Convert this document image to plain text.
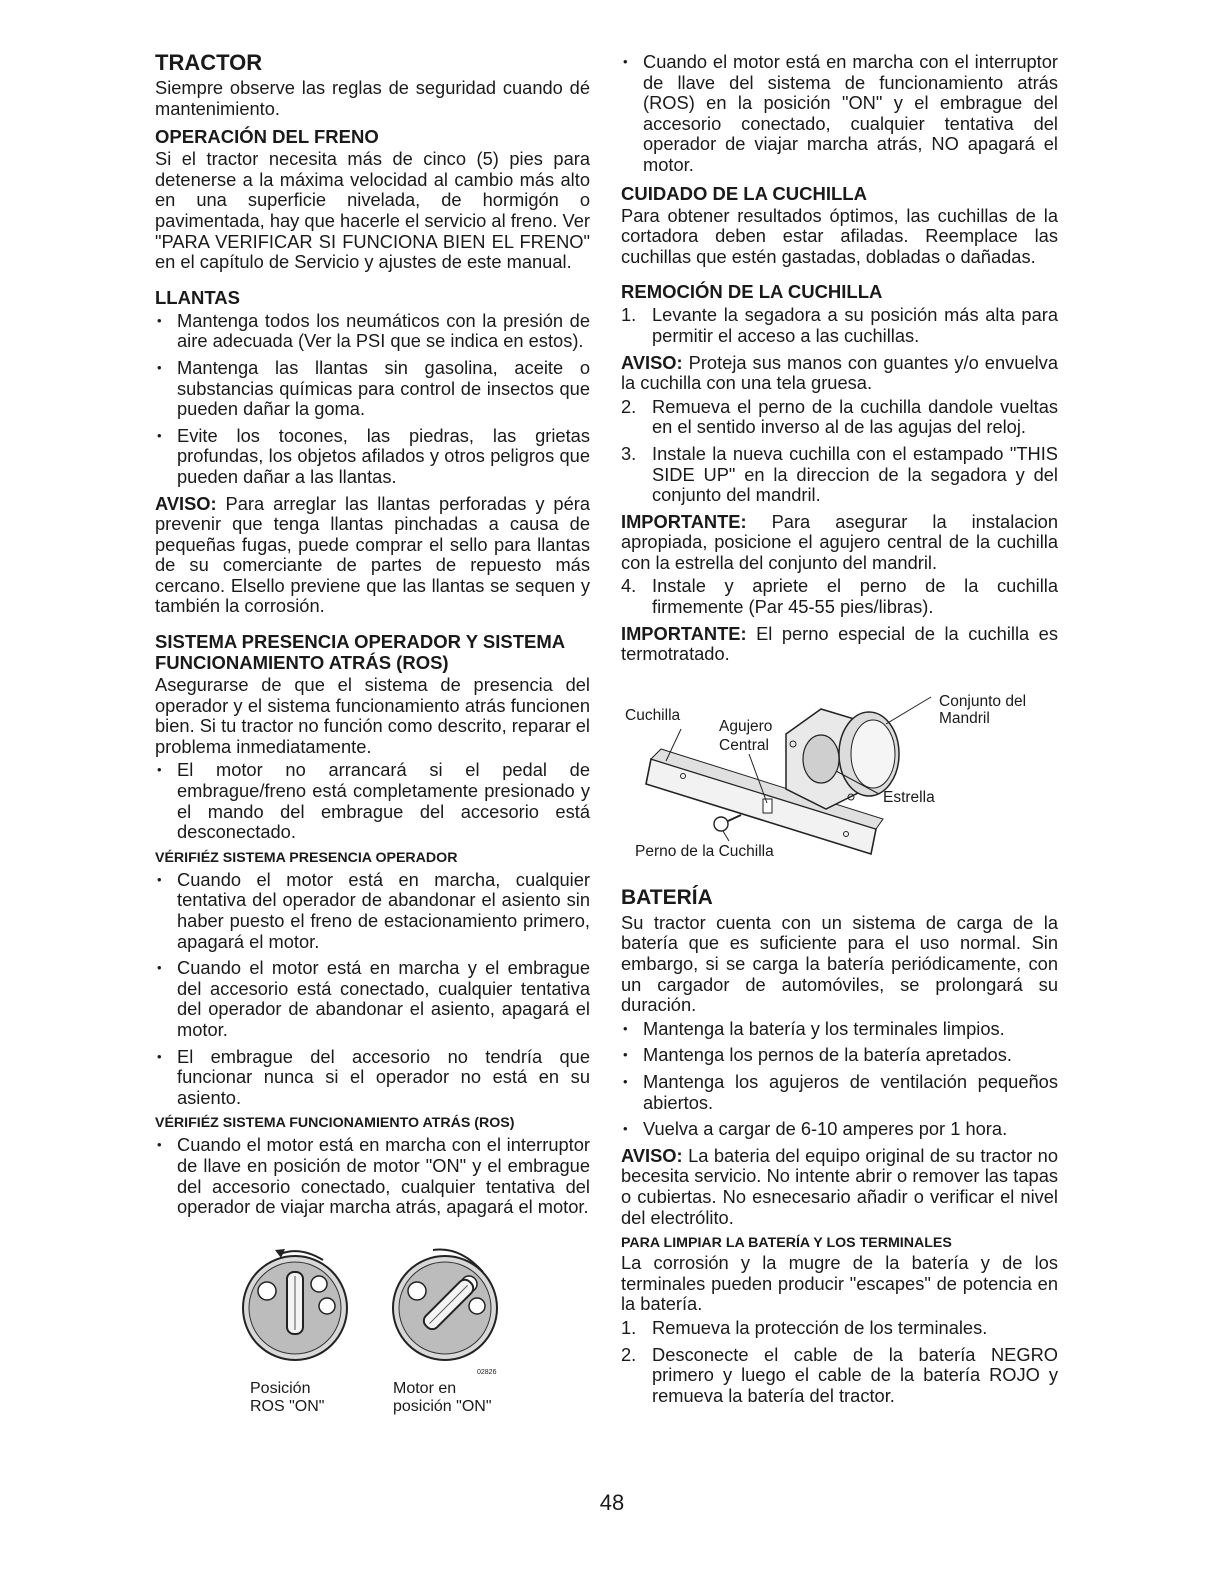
TRACTOR

Siempre observe las reglas de seguridad cuando dé mantenimiento.

OPERACIÓN DEL FRENO

Si el tractor necesita más de cinco (5) pies para detenerse a la máxima velocidad al cambio más alto en una superficie nivelada, de hormigón o pavimentada, hay que hacerle el servicio al freno. Ver "PARA VERIFICAR SI FUNCIONA BIEN EL FRENO" en el capítulo de Servicio y ajustes de este manual.

LLANTAS
• Mantenga todos los neumáticos con la presión de aire adecuada (Ver la PSI que se indica en estos).
• Mantenga las llantas sin gasolina, aceite o substancias químicas para control de insectos que pueden dañar la goma.
• Evite los tocones, las piedras, las grietas profundas, los objetos afilados y otros peligros que pueden dañar a las llantas.

AVISO: Para arreglar las llantas perforadas y péra prevenir que tenga llantas pinchadas a causa de pequeñas fugas, puede comprar el sello para llantas de su comerciante de partes de repuesto más cercano. Elsello previene que las llantas se sequen y también la corrosión.

SISTEMA PRESENCIA OPERADOR Y SISTEMA FUNCIONAMIENTO ATRÁS (ROS)

Asegurarse de que el sistema de presencia del operador y el sistema funcionamiento atrás funcionen bien. Si tu tractor no función como descrito, reparar el problema inmediatamente.

• El motor no arrancará si el pedal de embrague/freno está completamente presionado y el mando del embrague del accesorio está desconectado.
VÉRIFIÉZ SISTEMA PRESENCIA OPERADOR
• Cuando el motor está en marcha, cualquier tentativa del operador de abandonar el asiento sin haber puesto el freno de estacionamiento primero, apagará el motor.
• Cuando el motor está en marcha y el embrague del accesorio está conectado, cualquier tentativa del operador de abandonar el asiento, apagará el motor.
• El embrague del accesorio no tendría que funcionar nunca si el operador no está en su asiento.
VÉRIFIÉZ SISTEMA FUNCIONAMIENTO ATRÁS (ROS)
• Cuando el motor está en marcha con el interruptor de llave en posición de motor "ON" y el embrague del accesorio conectado, cualquier tentativa del operador de viajar marcha atrás, apagará el motor.
Posición
ROS "ON"
Motor en
posición "ON"
02826
• Cuando el motor está en marcha con el interruptor de llave del sistema de funcionamiento atrás (ROS) en la posición "ON" y el embrague del accesorio conectado, cualquier tentativa del operador de viajar marcha atrás, NO apagará el motor.
CUIDADO DE LA CUCHILLA

Para obtener resultados óptimos, las cuchillas de la cortadora deben estar afiladas. Reemplace las cuchillas que estén gastadas, dobladas o dañadas.

REMOCIÓN DE LA CUCHILLA
1. Levante la segadora a su posición más alta para permitir el acceso a las cuchillas.

AVISO: Proteja sus manos con guantes y/o envuelva la cuchilla con una tela gruesa.

2. Remueva el perno de la cuchilla dandole vueltas en el sentido inverso al de las agujas del reloj.
3. Instale la nueva cuchilla con el estampado "THIS SIDE UP" en la direccion de la segadora y del conjunto del mandril.

IMPORTANTE: Para asegurar la instalacion apropiada, posicione el agujero central de la cuchilla con la estrella del conjunto del mandril.

4. Instale y apriete el perno de la cuchilla firmemente (Par 45-55 pies/libras).

IMPORTANTE: El perno especial de la cuchilla es termotratado.

Cuchilla
Agujero
Central
Conjunto del
Mandril
Estrella
Perno de la Cuchilla
BATERÍA

Su tractor cuenta con un sistema de carga de la batería que es suficiente para el uso normal. Sin embargo, si se carga la batería periódicamente, con un cargador de automóviles, se prolongará su duración.

• Mantenga la batería y los terminales limpios.
• Mantenga los pernos de la batería apretados.
• Mantenga los agujeros de ventilación pequeños abiertos.
• Vuelva a cargar de 6-10 amperes por 1 hora.

AVISO: La bateria del equipo original de su tractor no becesita servicio. No intente abrir o remover las tapas o cubiertas. No esnecesario añadir o verificar el nivel del electrólito.

PARA LIMPIAR LA BATERÍA Y LOS TERMINALES

La corrosión y la mugre de la batería y de los terminales pueden producir "escapes" de potencia en la batería.

1. Remueva la protección de los terminales.
2. Desconecte el cable de la batería NEGRO primero y luego el cable de la batería ROJO y remueva la batería del tractor.
48
